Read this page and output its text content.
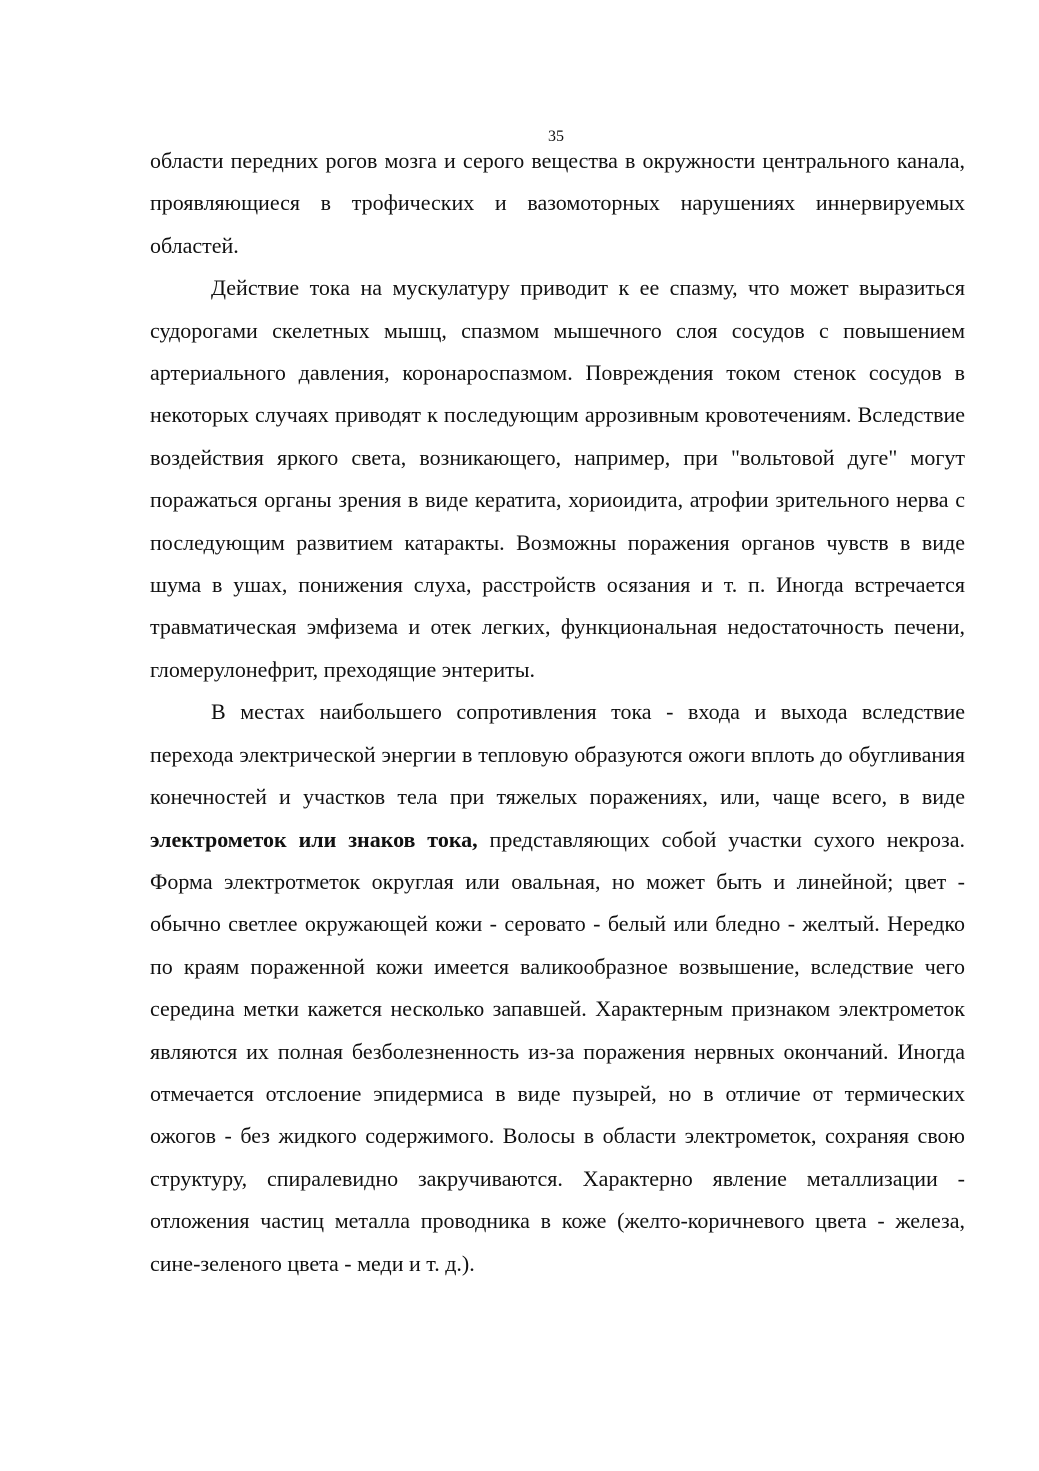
35

области передних рогов мозга и серого вещества в окружности центрального канала, проявляющиеся в трофических и вазомоторных нарушениях иннервируемых областей.

Действие тока на мускулатуру приводит к ее спазму, что может выразиться судорогами скелетных мышц, спазмом мышечного слоя сосудов с повышением артериального давления, коронароспазмом. Повреждения током стенок сосудов в некоторых случаях приводят к последующим аррозивным кровотечениям. Вследствие воздействия яркого света, возникающего, например, при "вольтовой дуге" могут поражаться органы зрения в виде кератита, хориоидита, атрофии зрительного нерва с последующим развитием катаракты. Возможны поражения органов чувств в виде шума в ушах, понижения слуха, расстройств осязания и т. п. Иногда встречается травматическая эмфизема и отек легких, функциональная недостаточность печени, гломерулонефрит, преходящие энтериты.

В местах наибольшего сопротивления тока - входа и выхода вследствие перехода электрической энергии в тепловую образуются ожоги вплоть до обугливания конечностей и участков тела при тяжелых поражениях, или, чаще всего, в виде электрометок или знаков тока, представляющих собой участки сухого некроза. Форма электротметок округлая или овальная, но может быть и линейной; цвет - обычно светлее окружающей кожи - серовато - белый или бледно - желтый. Нередко по краям пораженной кожи имеется валикообразное возвышение, вследствие чего середина метки кажется несколько запавшей. Характерным признаком электрометок являются их полная безболезненность из-за поражения нервных окончаний. Иногда отмечается отслоение эпидермиса в виде пузырей, но в отличие от термических ожогов - без жидкого содержимого. Волосы в области электрометок, сохраняя свою структуру, спиралевидно закручиваются. Характерно явление металлизации - отложения частиц металла проводника в коже (желто-коричневого цвета - железа, сине-зеленого цвета - меди и т. д.).
